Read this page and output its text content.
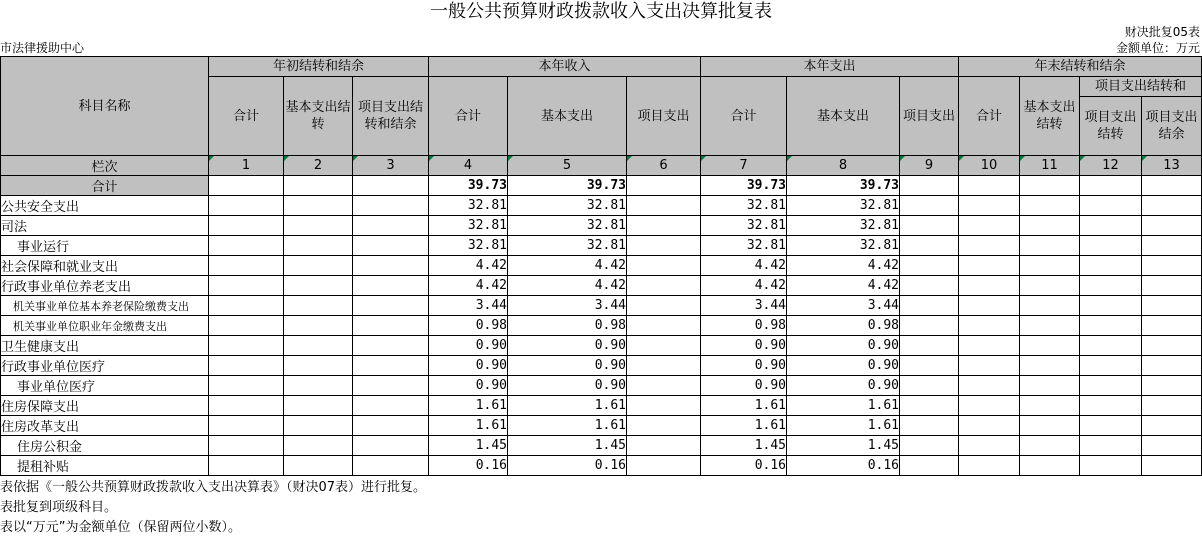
一般公共预算财政拨款收入支出决算批复表
财决批复05表
市法律援助中心	金额单位：万元
科目名称	年初结转和结余			本年收入			本年支出			年末结转和结余			
	合计	基本支出结转	项目支出结转和结余	合计	基本支出	项目支出	合计	基本支出	项目支出	合计	基本支出结转	项目支出结转和	
												项目支出结转	项目支出结余
栏次	1	2	3	4	5	6	7	8	9	10	11	12	13
合计				39.73	39.73		39.73	39.73					
公共安全支出				32.81	32.81		32.81	32.81					
司法				32.81	32.81		32.81	32.81					
事业运行				32.81	32.81		32.81	32.81					
社会保障和就业支出				4.42	4.42		4.42	4.42					
行政事业单位养老支出				4.42	4.42		4.42	4.42					
机关事业单位基本养老保险缴费支出				3.44	3.44		3.44	3.44					
机关事业单位职业年金缴费支出				0.98	0.98		0.98	0.98					
卫生健康支出				0.90	0.90		0.90	0.90					
行政事业单位医疗				0.90	0.90		0.90	0.90					
事业单位医疗				0.90	0.90		0.90	0.90					
住房保障支出				1.61	1.61		1.61	1.61					
住房改革支出				1.61	1.61		1.61	1.61					
住房公积金				1.45	1.45		1.45	1.45					
提租补贴				0.16	0.16		0.16	0.16					
表依据《一般公共预算财政拨款收入支出决算表》（财决07表）进行批复。
表批复到项级科目。
表以“万元”为金额单位（保留两位小数）。
